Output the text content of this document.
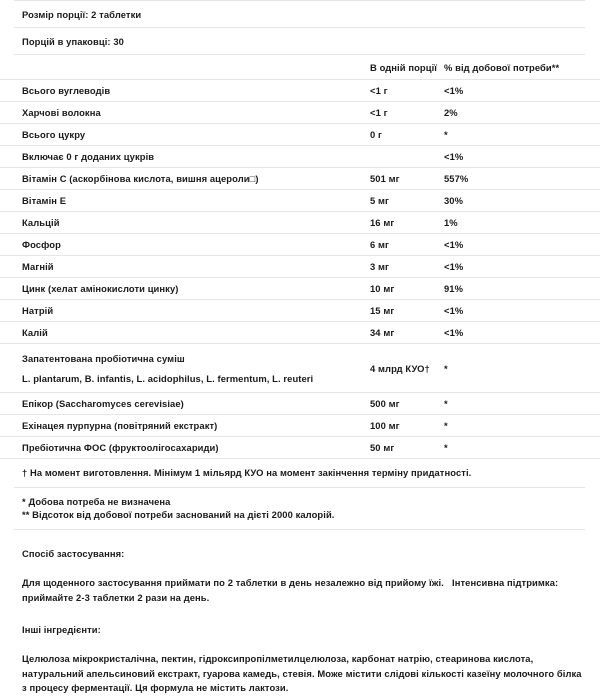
Розмір порції: 2 таблетки
Порцій в упаковці: 30
	В одній порції	% від добової потреби**
Всього вуглеводів	<1 г	<1%
Харчові волокна	<1 г	2%
Всього цукру	0 г	*
Включає 0 г доданих цукрів		<1%
Вітамін C (аскорбінова кислота, вишня ацероли□)	501 мг	557%
Вітамін E	5 мг	30%
Кальцій	16 мг	1%
Фосфор	6 мг	<1%
Магній	3 мг	<1%
Цинк (хелат амінокислоти цинку)	10 мг	91%
Натрій	15 мг	<1%
Калій	34 мг	<1%

Запатентована пробіотична суміш
L. plantarum, B. infantis, L. acidophilus, L. fermentum, L. reuteri	4 млрд КУО†	*
Епікор (Saccharomyces cerevisiae)	500 мг	*
Ехінацея пурпурна (повітряний екстракт)	100 мг	*
Пребіотична ФОС (фруктоолігосахариди)	50 мг	*
† На момент виготовлення. Мінімум 1 мільярд КУО на момент закінчення терміну придатності.
* Добова потреба не визначена
** Відсоток від добової потреби заснований на дієті 2000 калорій.
Спосіб застосування:
Для щоденного застосування приймати по 2 таблетки в день незалежно від прийому їжі. Інтенсивна підтримка: приймайте 2-3 таблетки 2 рази на день.
Інші інгредієнти:
Целюлоза мікрокристалічна, пектин, гідроксипропілметилцелюлоза, карбонат натрію, стеаринова кислота, натуральний апельсиновий екстракт, гуарова камедь, стевія. Може містити слідові кількості казеїну молочного білка з процесу ферментації. Ця формула не містить лактози.
